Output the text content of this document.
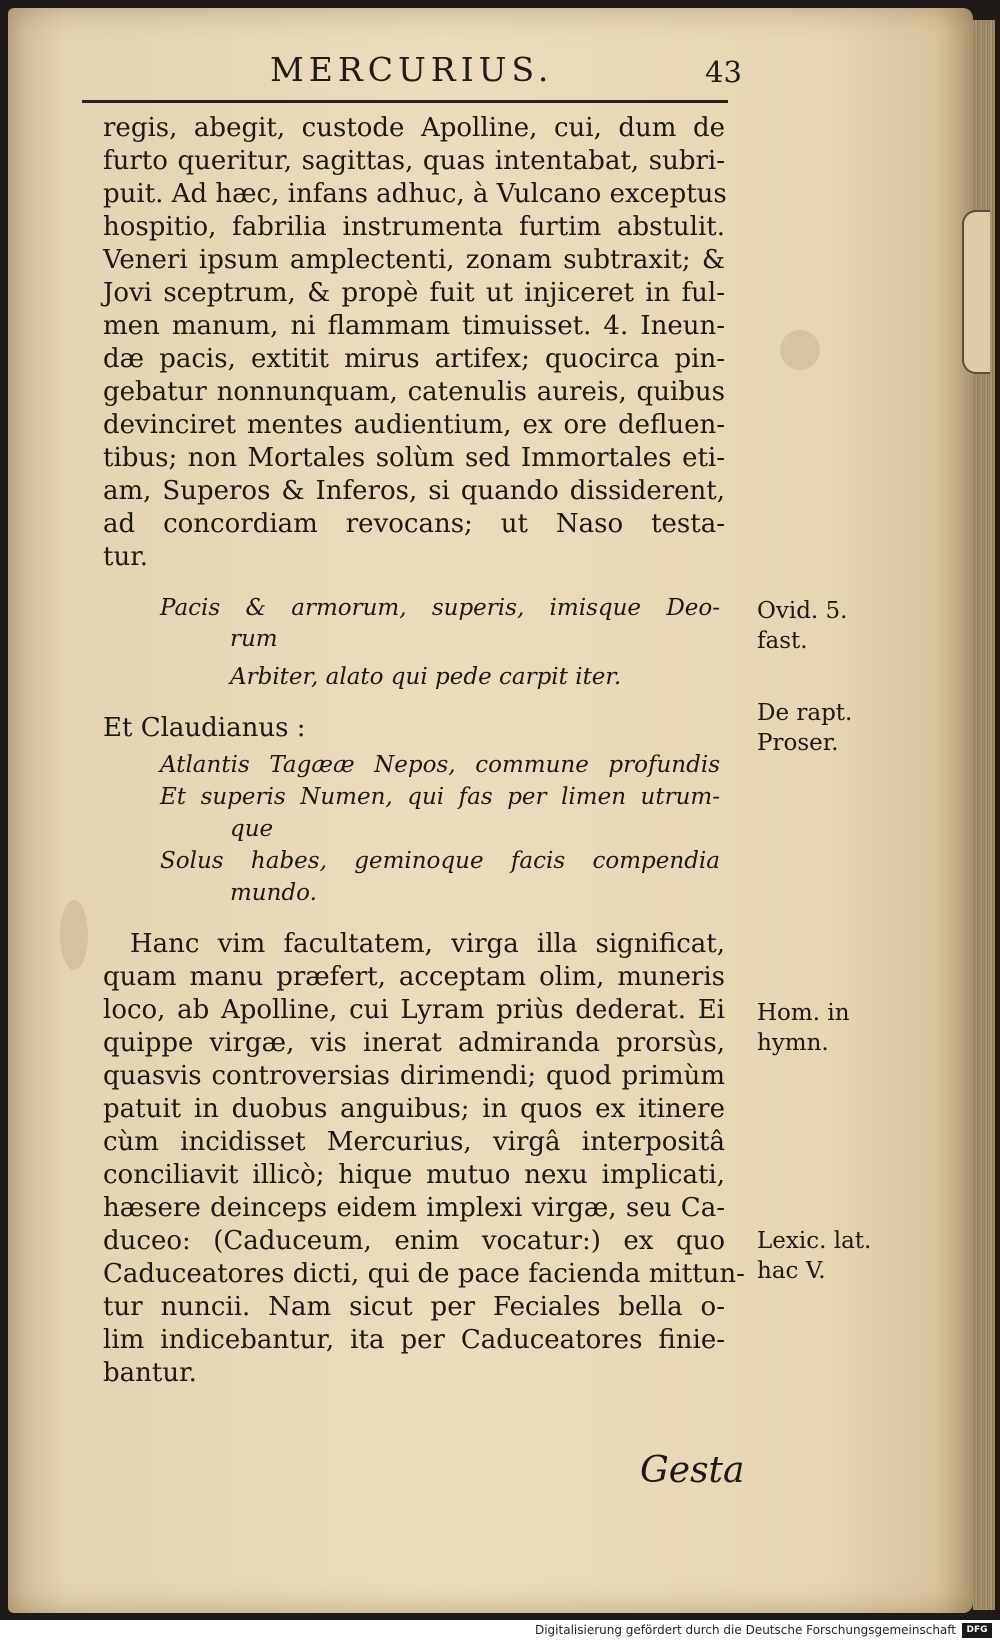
MERCURIUS.	43
regis, abegit, custode Apolline, cui, dum de
furto queritur, sagittas, quas intentabat, subri-
puit. Ad hæc, infans adhuc, à Vulcano exceptus
hospitio, fabrilia instrumenta furtim abstulit.
Veneri ipsum amplectenti, zonam subtraxit; &
Jovi sceptrum, & propè fuit ut injiceret in ful-
men manum, ni flammam timuisset. 4. Ineun-
dæ pacis, extitit mirus artifex; quocirca pin-
gebatur nonnunquam, catenulis aureis, quibus
devinciret mentes audientium, ex ore defluen-
tibus; non Mortales solùm sed Immortales eti-
am, Superos & Inferos, si quando dissiderent,
ad concordiam revocans; ut Naso testa-
tur.
Pacis & armorum, superis, imisque Deo-
rum
Arbiter, alato qui pede carpit iter.
Et Claudianus :
Atlantis Tagææ Nepos, commune profundis
Et superis Numen, qui fas per limen utrum-
que
Solus habes, geminoque facis compendia
mundo.
Hanc vim facultatem, virga illa significat,
quam manu præfert, acceptam olim, muneris
loco, ab Apolline, cui Lyram priùs dederat. Ei
quippe virgæ, vis inerat admiranda prorsùs,
quasvis controversias dirimendi; quod primùm
patuit in duobus anguibus; in quos ex itinere
cùm incidisset Mercurius, virgâ interpositâ
conciliavit illicò; hique mutuo nexu implicati,
hæsere deinceps eidem implexi virgæ, seu Ca-
duceo: (Caduceum, enim vocatur:) ex quo
Caduceatores dicti, qui de pace facienda mittun-
tur nuncii. Nam sicut per Feciales bella o-
lim indicebantur, ita per Caduceatores finie-
bantur.
Ovid. 5.
fast.
De rapt.
Proser.
Hom. in
hymn.
Lexic. lat.
hac V.
Gesta
Digitalisierung gefördert durch die Deutsche Forschungsgemeinschaft	DFG
